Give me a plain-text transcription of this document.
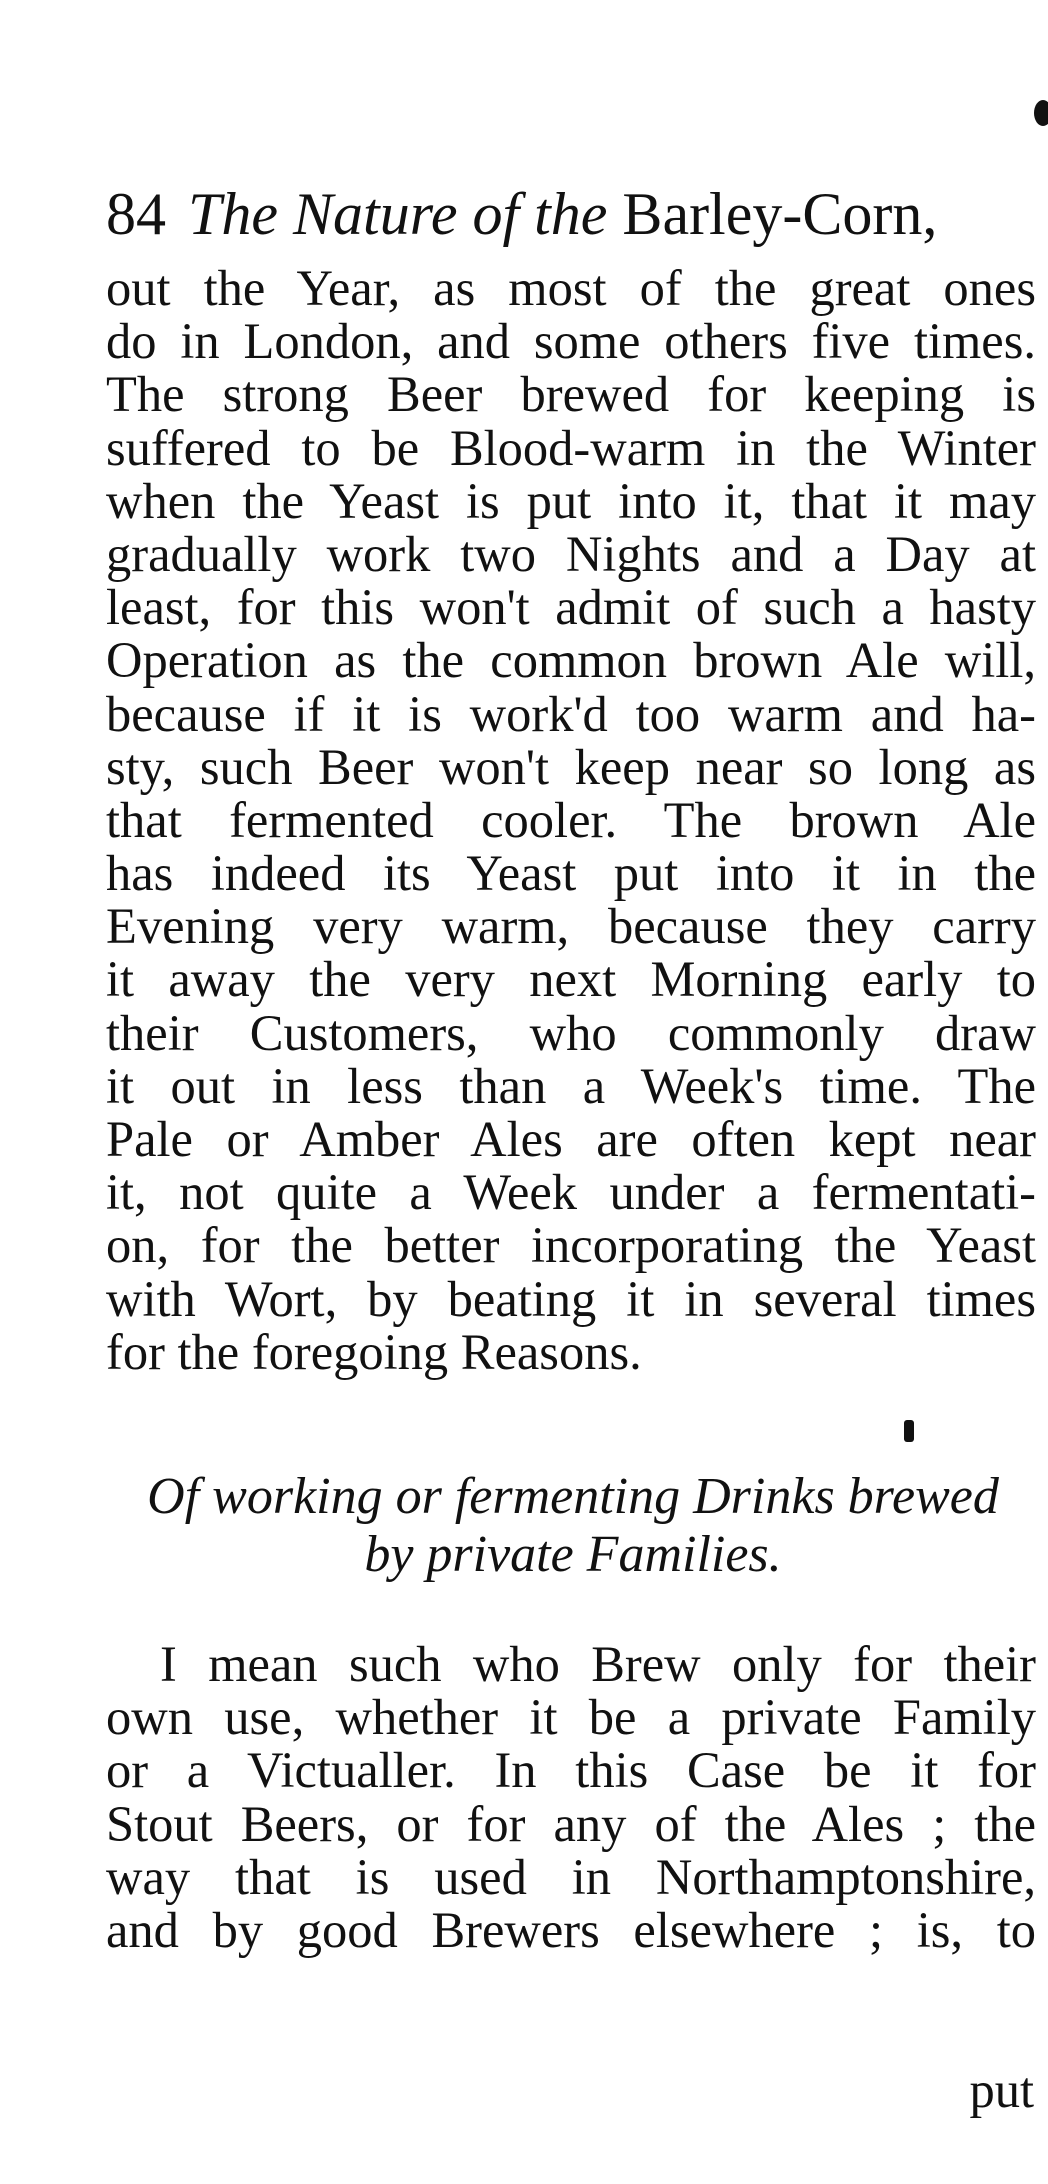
84 The Nature of the Barley-Corn,
out the Year, as most of the great ones
do in London, and some others five times.
The strong Beer brewed for keeping is
suffered to be Blood-warm in the Winter
when the Yeast is put into it, that it may
gradually work two Nights and a Day at
least, for this won't admit of such a hasty
Operation as the common brown Ale will,
because if it is work'd too warm and ha-
sty, such Beer won't keep near so long as
that fermented cooler. The brown Ale
has indeed its Yeast put into it in the
Evening very warm, because they carry
it away the very next Morning early to
their Customers, who commonly draw
it out in less than a Week's time. The
Pale or Amber Ales are often kept near
it, not quite a Week under a fermentati-
on, for the better incorporating the Yeast
with Wort, by beating it in several times
for the foregoing Reasons.
Of working or fermenting Drinks brewed
by private Families.
I mean such who Brew only for their
own use, whether it be a private Family
or a Victualler. In this Case be it for
Stout Beers, or for any of the Ales ; the
way that is used in Northamptonshire,
and by good Brewers elsewhere ; is, to
put
